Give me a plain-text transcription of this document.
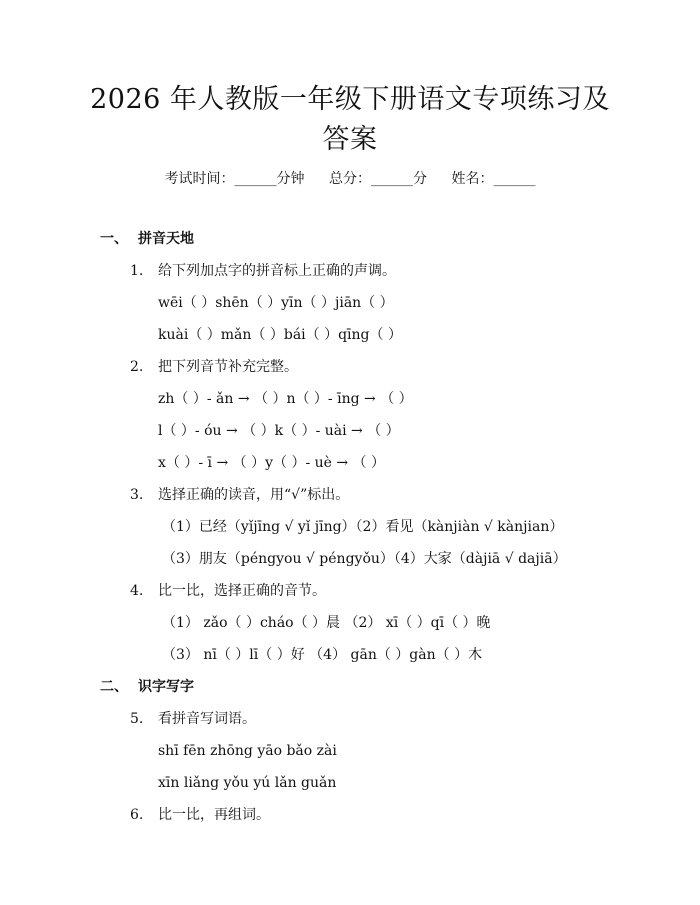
2026 年人教版一年级下册语文专项练习及答案
考试时间：______分钟 总分：______分 姓名：______
一、 拼音天地
1. 给下列加点字的拼音标上正确的声调。
wēi（ ）shēn（ ）yīn（ ）jiān（ ）
kuài（ ）mǎn（ ）bái（ ）qīng（ ）
2. 把下列音节补充完整。
zh（ ）- ǎn → （ ）n（ ）- īng → （ ）
l（ ）- óu → （ ）k（ ）- uài → （ ）
x（ ）- ī → （ ）y（ ）- uè → （ ）
3. 选择正确的读音，用“√”标出。
（1）已经（yǐjīng √ yǐ jīng）（2）看见（kànjiàn √ kànjian）
（3）朋友（péngyou √ péngyǒu）（4）大家（dàjiā √ dajiā）
4. 比一比，选择正确的音节。
（1） zǎo（ ）cháo（ ）晨 （2） xī（ ）qī（ ）晚
（3） nī（ ）lī（ ）好 （4） gān（ ）gàn（ ）木
二、 识字写字
5. 看拼音写词语。
shī fēn zhōng yāo bǎo zài
xīn liǎng yǒu yú lǎn guǎn
6. 比一比，再组词。
